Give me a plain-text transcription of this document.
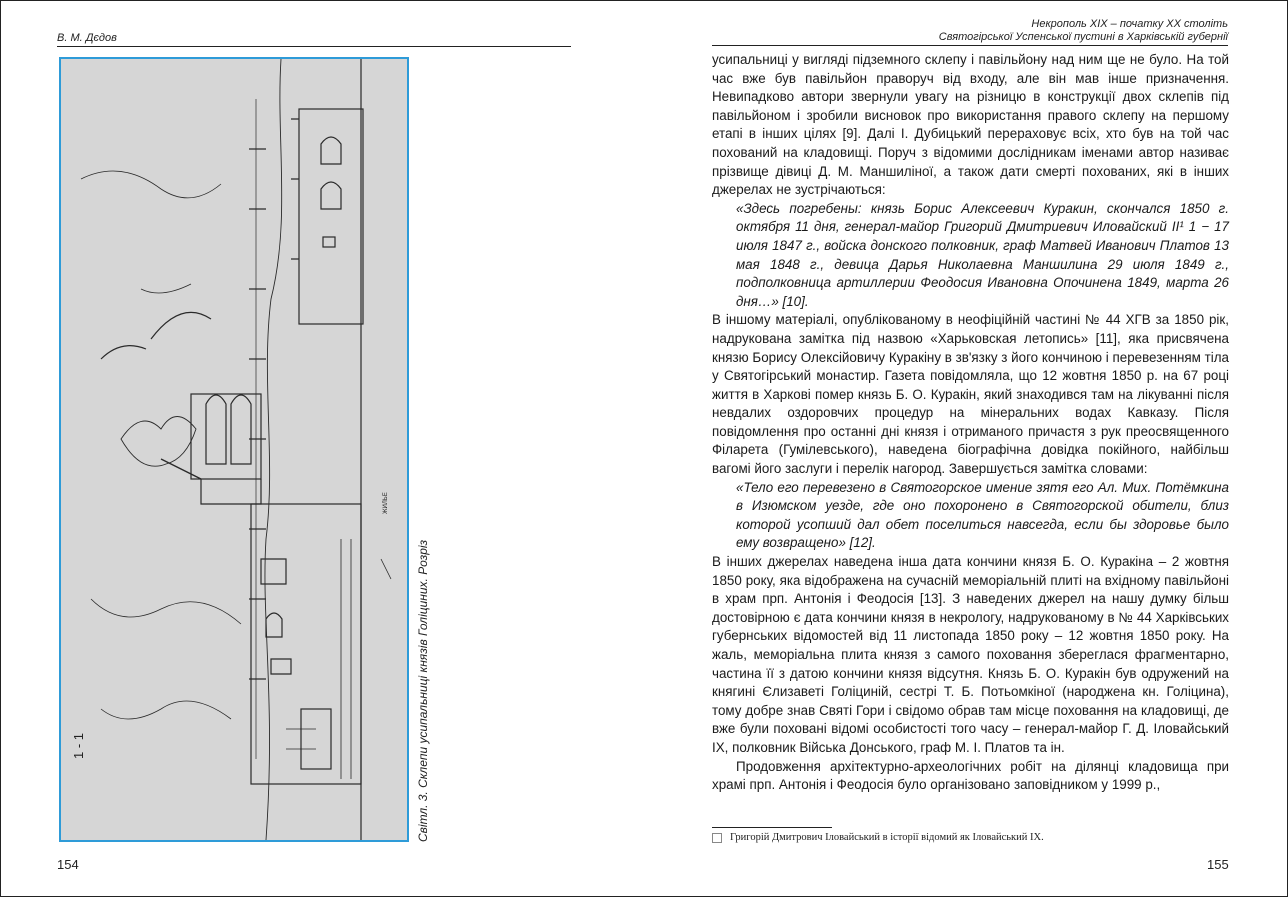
В. М. Дєдов
1 - 1
ЖИЛЬЕ
Світл. 3. Склепи усипальниці князів Голіциних. Розріз
154
Некрополь XIX – початку XX століть
Святогірської Успенської пустині в Харківській губернії

усипальниці у вигляді підземного склепу і павільйону над ним ще не було. На той час вже був павільйон праворуч від входу, але він мав інше призначення. Невипадково автори звернули увагу на різницю в конструкції двох склепів під павільйоном і зробили висновок про використання правого склепу на першому етапі в інших цілях [9]. Далі І. Дубицький перераховує всіх, хто був на той час похований на кладовищі. Поруч з відомими дослідникам іменами автор називає прізвище дівиці Д. М. Маншиліної, а також дати смерті похованих, які в інших джерелах не зустрічаються:

«Здесь погребены: князь Борис Алексеевич Куракин, скончался 1850 г. октября 11 дня, генерал-майор Григорий Дмитриевич Иловайский II¹ 1 − 17 июля 1847 г., войска донского полковник, граф Матвей Иванович Платов 13 мая 1848 г., девица Дарья Николаевна Маншилина 29 июля 1849 г., подполковница артиллерии Феодосия Ивановна Опочинена 1849, марта 26 дня…» [10].

В іншому матеріалі, опублікованому в неофіційній частині № 44 ХГВ за 1850 рік, надрукована замітка під назвою «Харьковская летопись» [11], яка присвячена князю Борису Олексійовичу Куракіну в зв'язку з його кончиною і перевезенням тіла у Святогірський монастир. Газета повідомляла, що 12 жовтня 1850 р. на 67 році життя в Харкові помер князь Б. О. Куракін, який знаходився там на лікуванні після невдалих оздоровчих процедур на мінеральних водах Кавказу. Після повідомлення про останні дні князя і отриманого причастя з рук преосвященного Філарета (Гумілевського), наведена біографічна довідка покійного, найбільш вагомі його заслуги і перелік нагород. Завершується замітка словами:

«Тело его перевезено в Святогорское имение зятя его Ал. Мих. Потёмкина в Изюмском уезде, где оно похоронено в Святогорской обители, близ которой усопший дал обет поселиться навсегда, если бы здоровье было ему возвращено» [12].

В інших джерелах наведена інша дата кончини князя Б. О. Куракіна – 2 жовтня 1850 року, яка відображена на сучасній меморіальній плиті на вхідному павільйоні в храм прп. Антонія і Феодосія [13]. З наведених джерел на нашу думку більш достовірною є дата кончини князя в некрологу, надрукованому в № 44 Харківських губернських відомостей від 11 листопада 1850 року – 12 жовтня 1850 року. На жаль, меморіальна плита князя з самого поховання збереглася фрагментарно, частина її з датою кончини князя відсутня. Князь Б. О. Куракін був одружений на княгині Єлизаветі Голіциній, сестрі Т. Б. Потьомкіної (народжена кн. Голіцина), тому добре знав Святі Гори і свідомо обрав там місце поховання на кладовищі, де вже були поховані відомі особистості того часу – генерал-майор Г. Д. Іловайський IX, полковник Війська Донського, граф М. І. Платов та ін.

Продовження архітектурно-археологічних робіт на ділянці кладовища при храмі прп. Антонія і Феодосія було організовано заповідником у 1999 р.,

Григорій Дмитрович Іловайський в історії відомий як Іловайський IX.
155
